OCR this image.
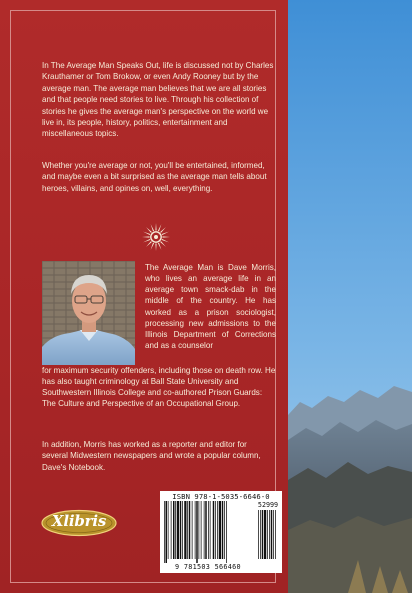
In The Average Man Speaks Out, life is discussed not by Charles Krauthamer or Tom Brokow, or even Andy Rooney but by the average man. The average man believes that we are all stories and that people need stories to live. Through his collection of stories he gives the average man's perspective on the world we live in, its people, history, politics, entertainment and miscellaneous topics.
Whether you're average or not, you'll be entertained, informed, and maybe even a bit surprised as the average man tells about heroes, villains, and opines on, well, everything.
The Average Man is Dave Morris, who lives an average life in an average town smack-dab in the middle of the country. He has worked as a prison sociologist, processing new admissions to the Illinois Department of Corrections and as a counselor
for maximum security offenders, including those on death row. He has also taught criminology at Ball State University and Southwestern Illinois College and co-authored Prison Guards: The Culture and Perspective of an Occupational Group.
In addition, Morris has worked as a reporter and editor for several Midwestern newspapers and wrote a popular column, Dave's Notebook.
ISBN 978-1-5035-6646-0
52999
9 781503 566460
Xlibris
